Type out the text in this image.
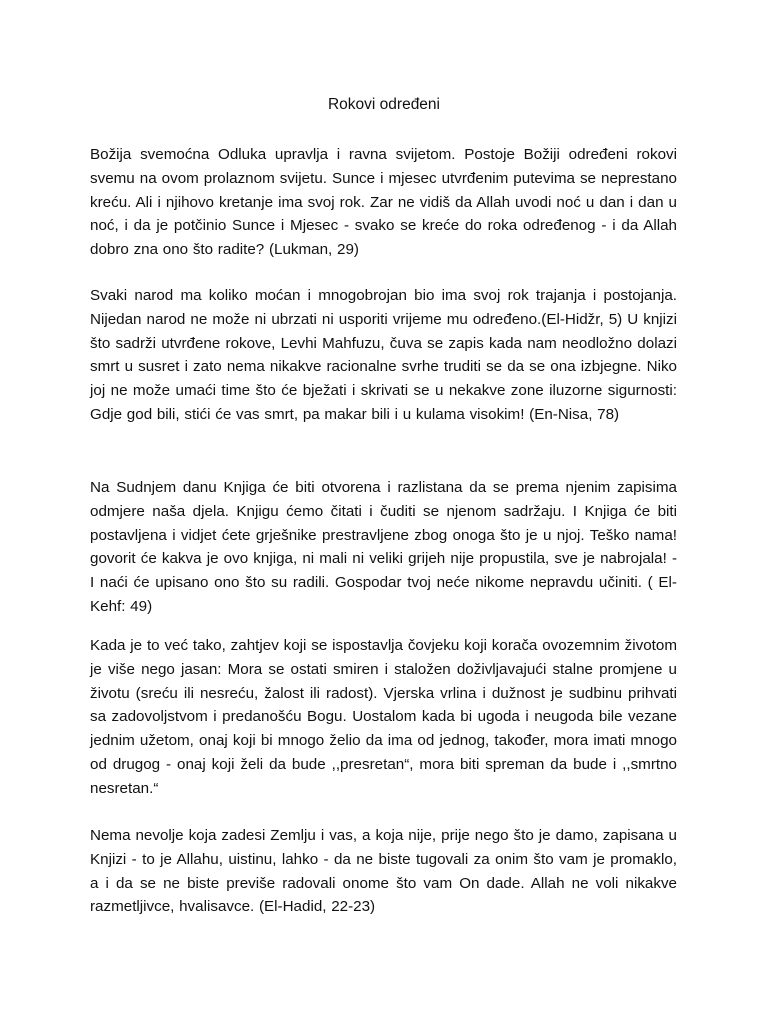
Rokovi određeni

Božija svemoćna Odluka upravlja i ravna svijetom. Postoje Božiji određeni rokovi svemu na ovom prolaznom svijetu. Sunce i mjesec utvrđenim putevima se neprestano kreću. Ali i njihovo kretanje ima svoj rok. Zar ne vidiš da Allah uvodi noć u dan i dan u noć, i da je potčinio Sunce i Mjesec - svako se kreće do roka određenog - i da Allah dobro zna ono što radite? (Lukman, 29)

Svaki narod ma koliko moćan i mnogobrojan bio ima svoj rok trajanja i postojanja. Nijedan narod ne može ni ubrzati ni usporiti vrijeme mu određeno.(El-Hidžr, 5) U knjizi što sadrži utvrđene rokove, Levhi Mahfuzu, čuva se zapis kada nam neodložno dolazi smrt u susret i zato nema nikakve racionalne svrhe truditi se da se ona izbjegne. Niko joj ne može umaći time što će bježati i skrivati se u nekakve zone iluzorne sigurnosti: Gdje god bili, stići će vas smrt, pa makar bili i u kulama visokim! (En-Nisa, 78)

Na Sudnjem danu Knjiga će biti otvorena i razlistana da se prema njenim zapisima odmjere naša djela. Knjigu ćemo čitati i čuditi se njenom sadržaju. I Knjiga će biti postavljena i vidjet ćete grješnike prestravljene zbog onoga što je u njoj. Teško nama! govorit će kakva je ovo knjiga, ni mali ni veliki grijeh nije propustila, sve je nabrojala! - I naći će upisano ono što su radili. Gospodar tvoj neće nikome nepravdu učiniti. ( El-Kehf: 49)

Kada je to već tako, zahtjev koji se ispostavlja čovjeku koji korača ovozemnim životom je više nego jasan: Mora se ostati smiren i staložen doživljavajući stalne promjene u životu (sreću ili nesreću, žalost ili radost). Vjerska vrlina i dužnost je sudbinu prihvati sa zadovoljstvom i predanošću Bogu. Uostalom kada bi ugoda i neugoda bile vezane jednim užetom, onaj koji bi mnogo želio da ima od jednog, također, mora imati mnogo od drugog - onaj koji želi da bude ,,presretan“, mora biti spreman da bude i ,,smrtno nesretan.“

Nema nevolje koja zadesi Zemlju i vas, a koja nije, prije nego što je damo, zapisana u Knjizi - to je Allahu, uistinu, lahko - da ne biste tugovali za onim što vam je promaklo, a i da se ne biste previše radovali onome što vam On dade. Allah ne voli nikakve razmetljivce, hvalisavce. (El-Hadid, 22-23)
